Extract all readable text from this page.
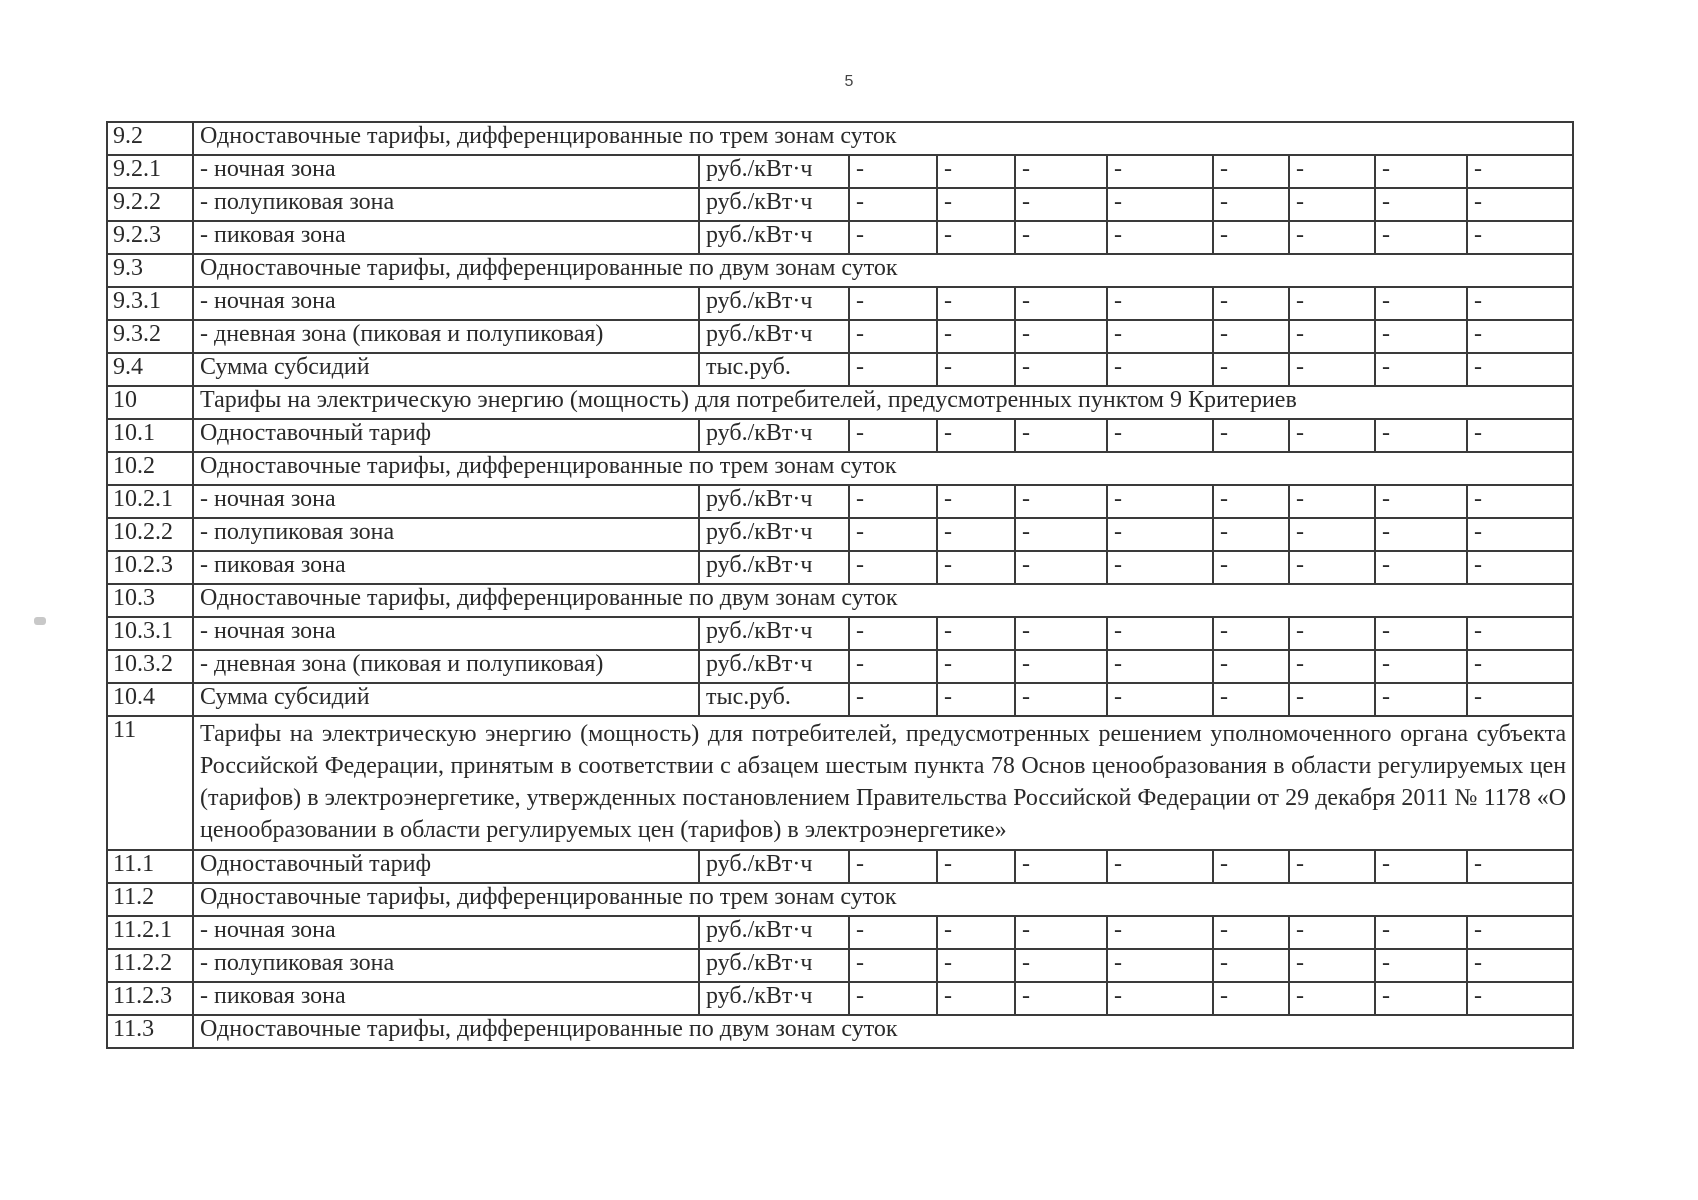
5
9.2	Одноставочные тарифы, дифференцированные по трем зонам суток									
9.2.1	- ночная зона	руб./кВт·ч	-	-	-	-	-	-	-	-
9.2.2	- полупиковая зона	руб./кВт·ч	-	-	-	-	-	-	-	-
9.2.3	- пиковая зона	руб./кВт·ч	-	-	-	-	-	-	-	-
9.3	Одноставочные тарифы, дифференцированные по двум зонам суток									
9.3.1	- ночная зона	руб./кВт·ч	-	-	-	-	-	-	-	-
9.3.2	- дневная зона (пиковая и полупиковая)	руб./кВт·ч	-	-	-	-	-	-	-	-
9.4	Сумма субсидий	тыс.руб.	-	-	-	-	-	-	-	-
10	Тарифы на электрическую энергию (мощность) для потребителей, предусмотренных пунктом 9 Критериев									
10.1	Одноставочный тариф	руб./кВт·ч	-	-	-	-	-	-	-	-
10.2	Одноставочные тарифы, дифференцированные по трем зонам суток									
10.2.1	- ночная зона	руб./кВт·ч	-	-	-	-	-	-	-	-
10.2.2	- полупиковая зона	руб./кВт·ч	-	-	-	-	-	-	-	-
10.2.3	- пиковая зона	руб./кВт·ч	-	-	-	-	-	-	-	-
10.3	Одноставочные тарифы, дифференцированные по двум зонам суток									
10.3.1	- ночная зона	руб./кВт·ч	-	-	-	-	-	-	-	-
10.3.2	- дневная зона (пиковая и полупиковая)	руб./кВт·ч	-	-	-	-	-	-	-	-
10.4	Сумма субсидий	тыс.руб.	-	-	-	-	-	-	-	-
11	Тарифы на электрическую энергию (мощность) для потребителей, предусмотренных решением уполномоченного органа субъекта Российской Федерации, принятым в соответствии с абзацем шестым пункта 78 Основ ценообразования в области регулируемых цен (тарифов) в электроэнергетике, утвержденных постановлением Правительства Российской Федерации от 29 декабря 2011 № 1178 «О ценообразовании в области регулируемых цен (тарифов) в электроэнергетике»									
11.1	Одноставочный тариф	руб./кВт·ч	-	-	-	-	-	-	-	-
11.2	Одноставочные тарифы, дифференцированные по трем зонам суток									
11.2.1	- ночная зона	руб./кВт·ч	-	-	-	-	-	-	-	-
11.2.2	- полупиковая зона	руб./кВт·ч	-	-	-	-	-	-	-	-
11.2.3	- пиковая зона	руб./кВт·ч	-	-	-	-	-	-	-	-
11.3	Одноставочные тарифы, дифференцированные по двум зонам суток									
